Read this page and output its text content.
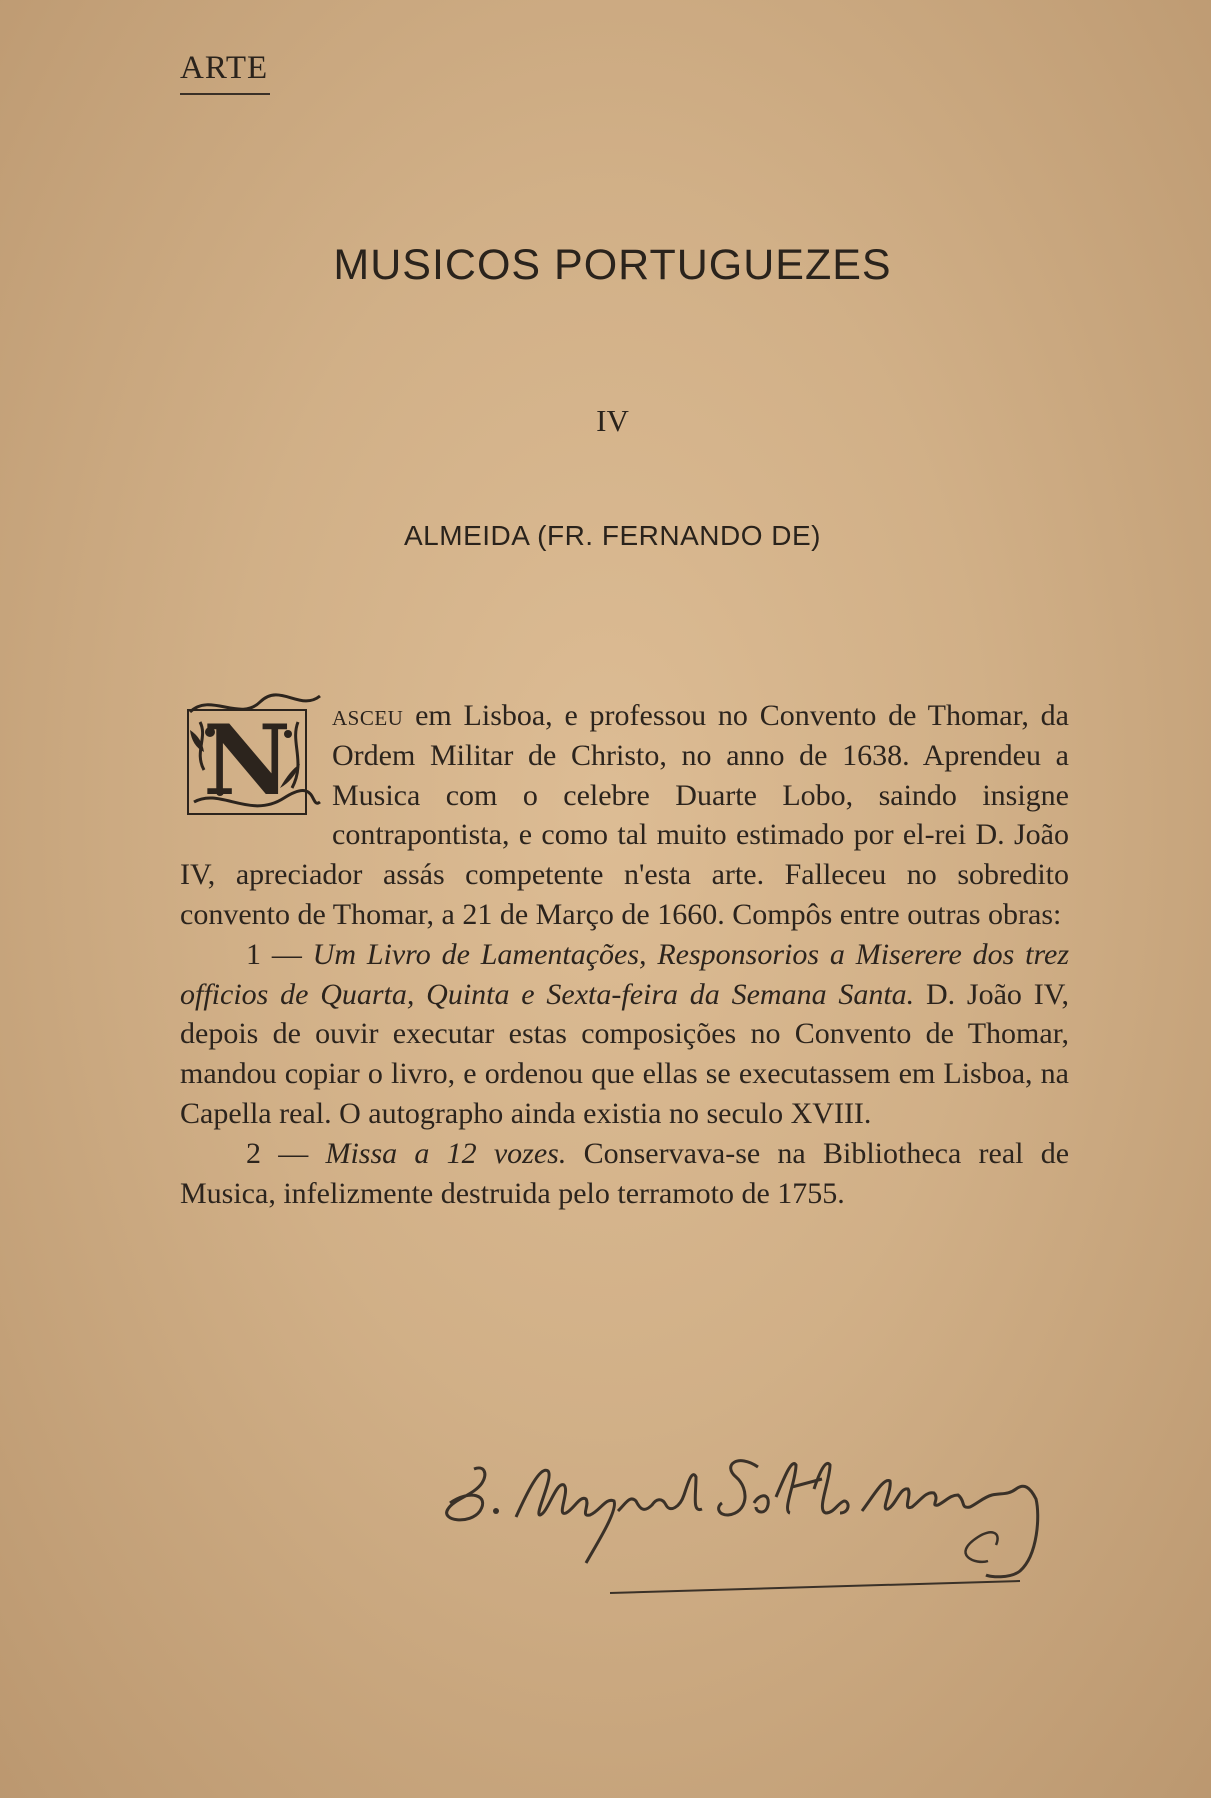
ARTE
MUSICOS PORTUGUEZES
IV
ALMEIDA (FR. FERNANDO DE)

N asceu em Lisboa, e professou no Convento de Thomar, da Ordem Militar de Christo, no anno de 1638. Aprendeu a Musica com o celebre Duarte Lobo, saindo insigne contrapontista, e como tal muito estimado por el-rei D. João IV, apreciador assás competente n'esta arte. Falleceu no sobredito convento de Thomar, a 21 de Março de 1660. Compôs entre outras obras:

1 — Um Livro de Lamentações, Responsorios a Miserere dos trez officios de Quarta, Quinta e Sexta-feira da Semana Santa. D. João IV, depois de ouvir executar estas composições no Convento de Thomar, mandou copiar o livro, e ordenou que ellas se executassem em Lisboa, na Capella real. O autographo ainda existia no seculo XVIII.

2 — Missa a 12 vozes. Conservava-se na Bibliotheca real de Musica, infelizmente destruida pelo terramoto de 1755.
